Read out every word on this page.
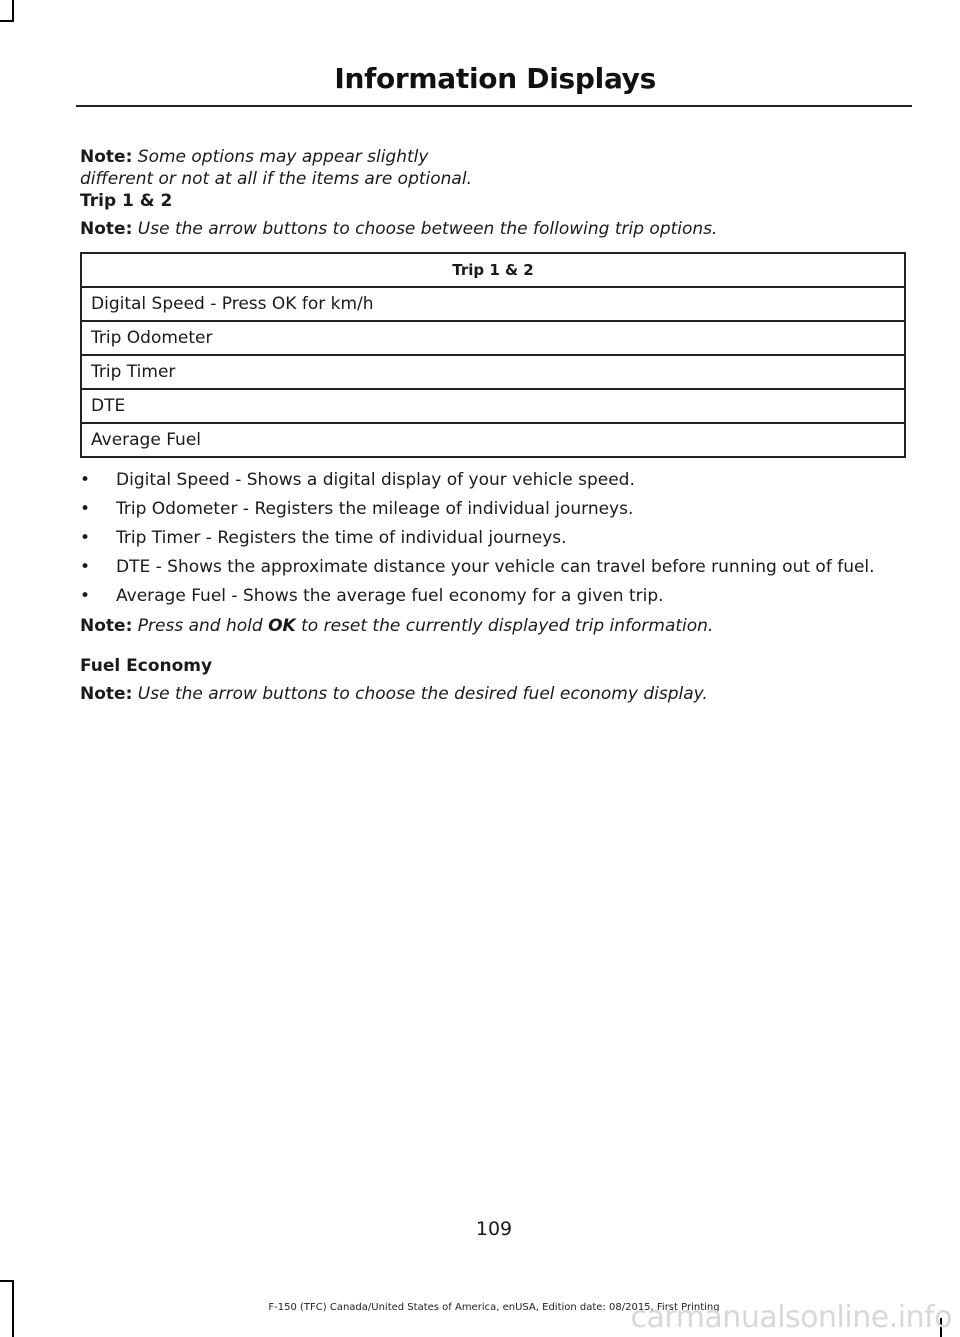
Information Displays

Note: Some options may appear slightly different or not at all if the items are optional.

Trip 1 & 2

Note: Use the arrow buttons to choose between the following trip options.

Trip 1 & 2
Digital Speed - Press OK for km/h
Trip Odometer
Trip Timer
DTE
Average Fuel
• Digital Speed - Shows a digital display of your vehicle speed.
• Trip Odometer - Registers the mileage of individual journeys.
• Trip Timer - Registers the time of individual journeys.
• DTE - Shows the approximate distance your vehicle can travel before running out of fuel.
• Average Fuel - Shows the average fuel economy for a given trip.

Note: Press and hold OK to reset the currently displayed trip information.

Fuel Economy

Note: Use the arrow buttons to choose the desired fuel economy display.

109
F-150 (TFC) Canada/United States of America, enUSA, Edition date: 08/2015, First Printing
carmanualsonline.info
